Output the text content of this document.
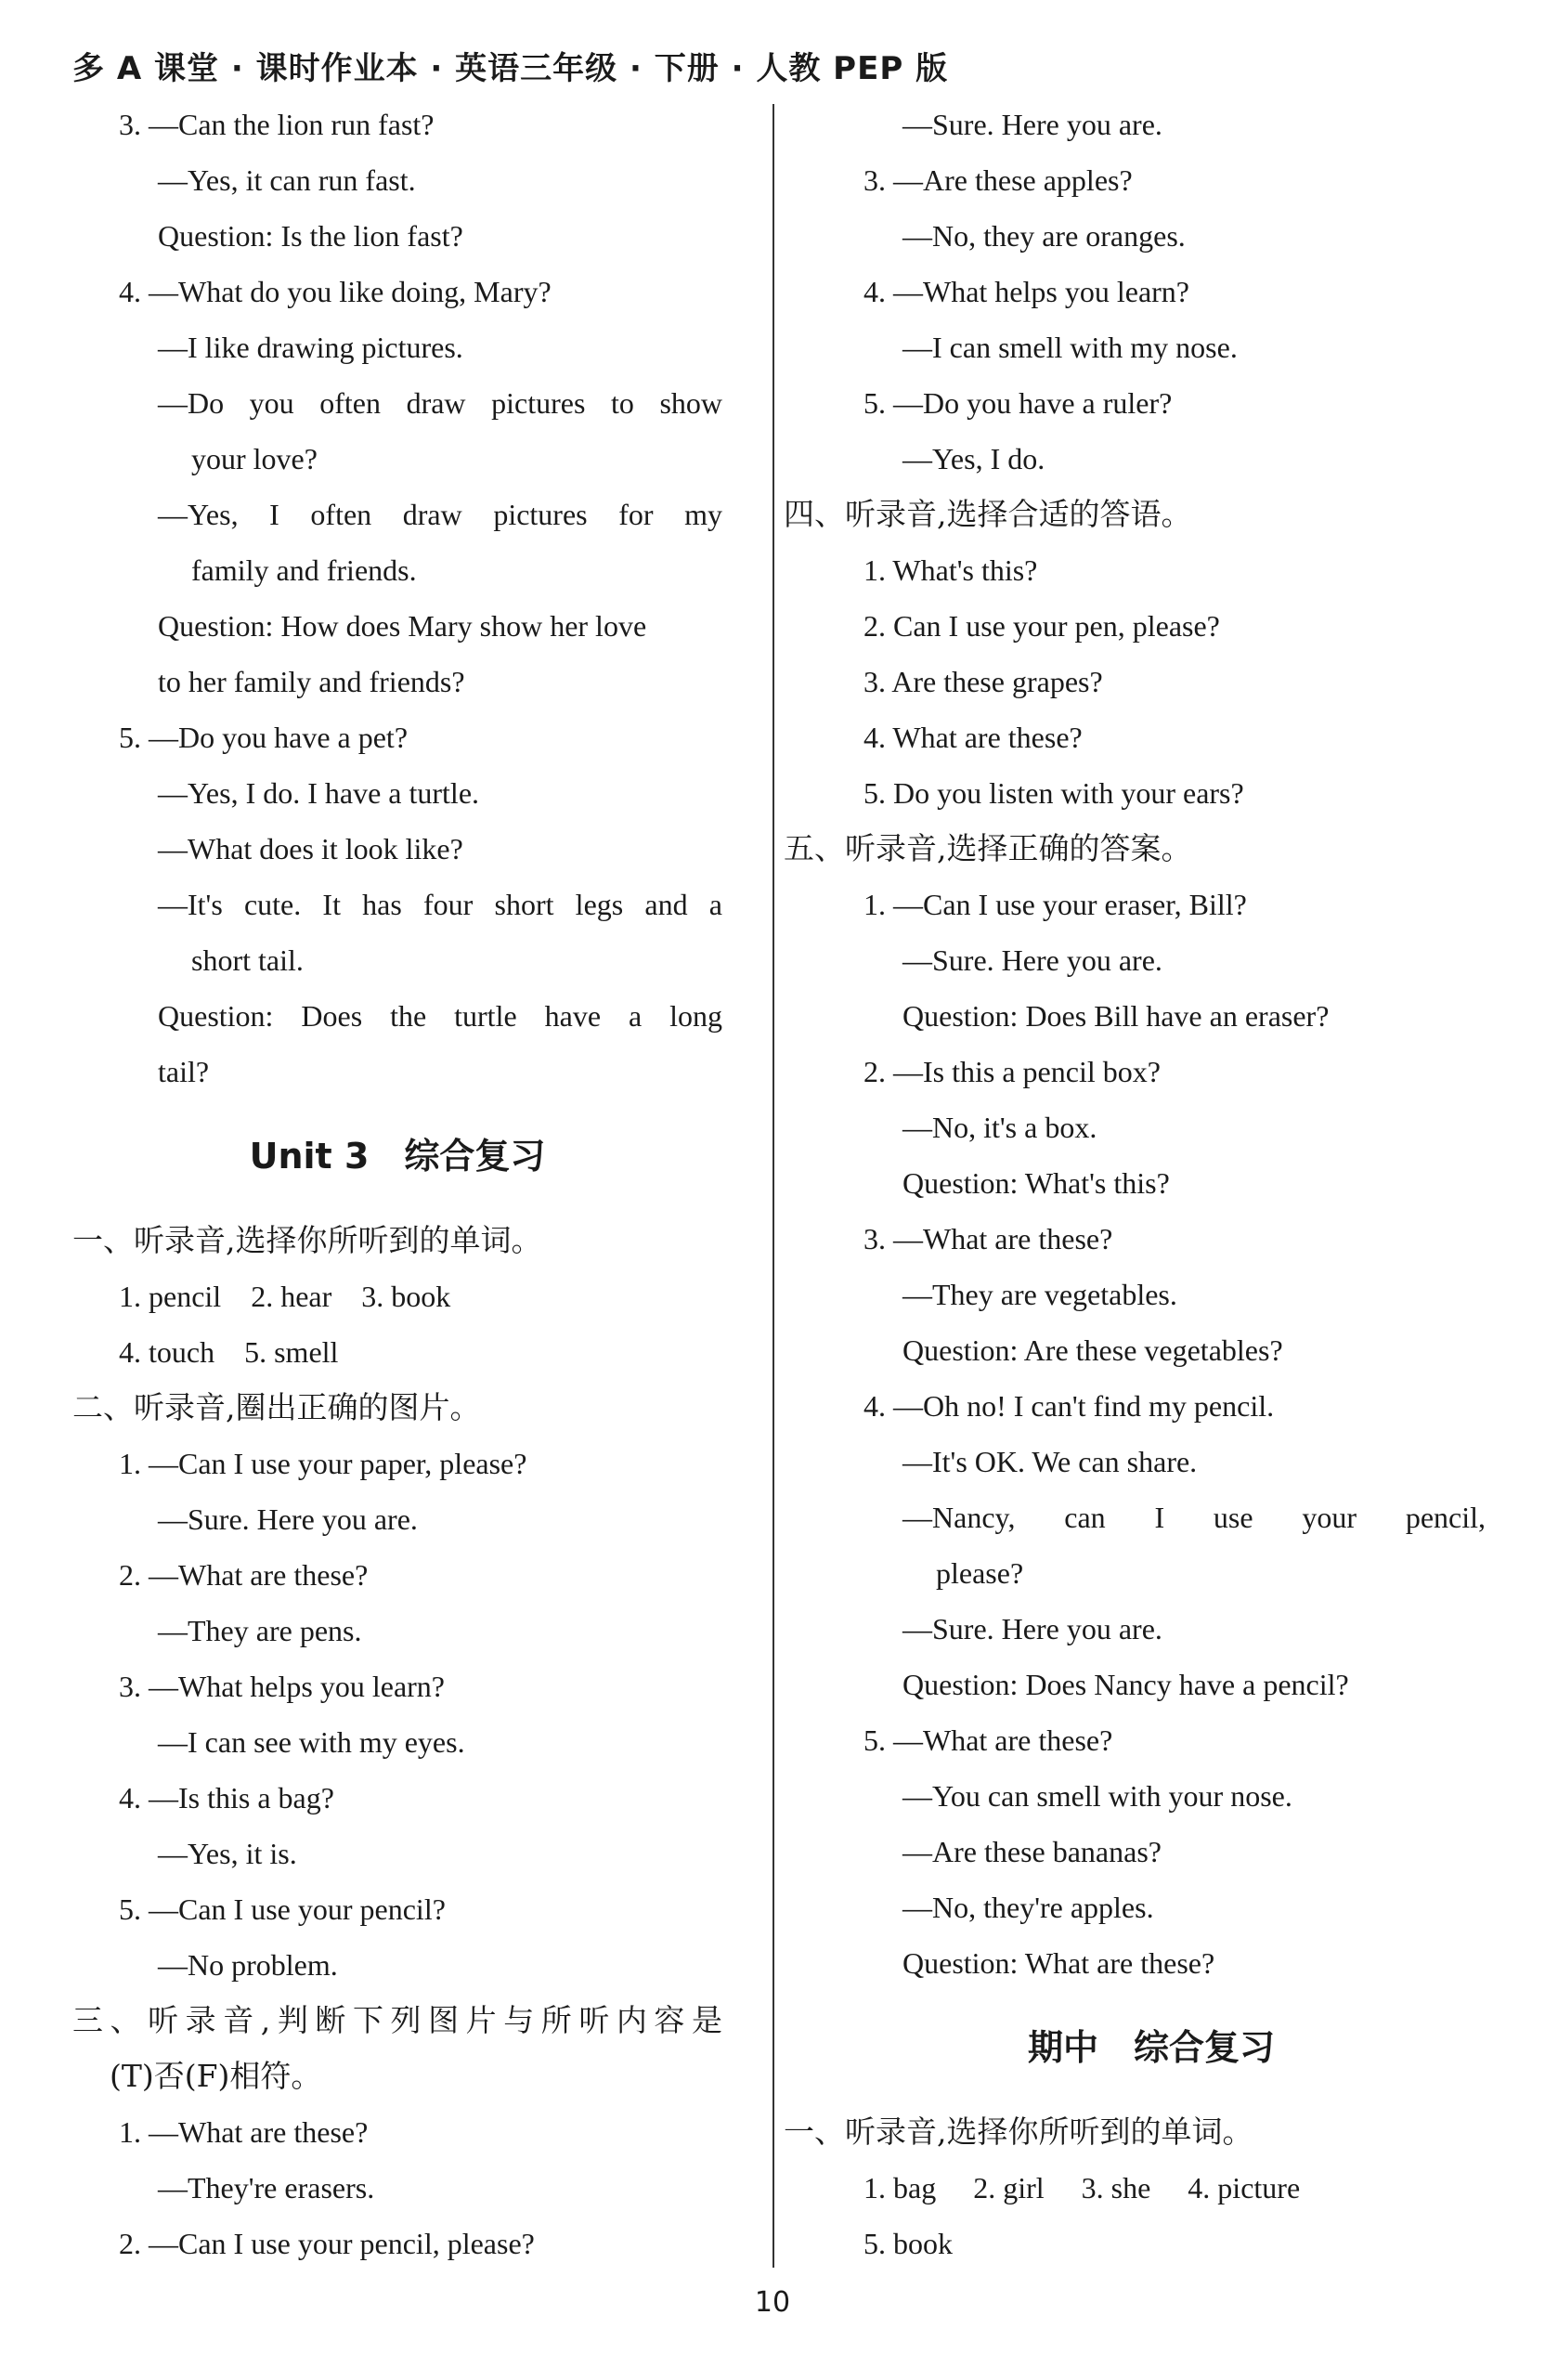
多 A 课堂 · 课时作业本 · 英语三年级 · 下册 · 人教 PEP 版
3. —Can the lion run fast?
—Yes, it can run fast.
Question: Is the lion fast?
4. —What do you like doing, Mary?
—I like drawing pictures.
—Do you often draw pictures to show
your love?
—Yes, I often draw pictures for my
family and friends.
Question: How does Mary show her love
to her family and friends?
5. —Do you have a pet?
—Yes, I do. I have a turtle.
—What does it look like?
—It's cute. It has four short legs and a
short tail.
Question: Does the turtle have a long
tail?
Unit 3　综合复习
一、听录音,选择你所听到的单词。
1. pencil　2. hear　3. book
4. touch　5. smell
二、听录音,圈出正确的图片。
1. —Can I use your paper, please?
—Sure. Here you are.
2. —What are these?
—They are pens.
3. —What helps you learn?
—I can see with my eyes.
4. —Is this a bag?
—Yes, it is.
5. —Can I use your pencil?
—No problem.
三、听录音,判断下列图片与所听内容是
(T)否(F)相符。
1. —What are these?
—They're erasers.
2. —Can I use your pencil, please?
—Sure. Here you are.
3. —Are these apples?
—No, they are oranges.
4. —What helps you learn?
—I can smell with my nose.
5. —Do you have a ruler?
—Yes, I do.
四、听录音,选择合适的答语。
1. What's this?
2. Can I use your pen, please?
3. Are these grapes?
4. What are these?
5. Do you listen with your ears?
五、听录音,选择正确的答案。
1. —Can I use your eraser, Bill?
—Sure. Here you are.
Question: Does Bill have an eraser?
2. —Is this a pencil box?
—No, it's a box.
Question: What's this?
3. —What are these?
—They are vegetables.
Question: Are these vegetables?
4. —Oh no! I can't find my pencil.
—It's OK. We can share.
—Nancy, can I use your pencil,
please?
—Sure. Here you are.
Question: Does Nancy have a pencil?
5. —What are these?
—You can smell with your nose.
—Are these bananas?
—No, they're apples.
Question: What are these?
期中　综合复习
一、听录音,选择你所听到的单词。
1. bag　 2. girl　 3. she　 4. picture
5. book
10
